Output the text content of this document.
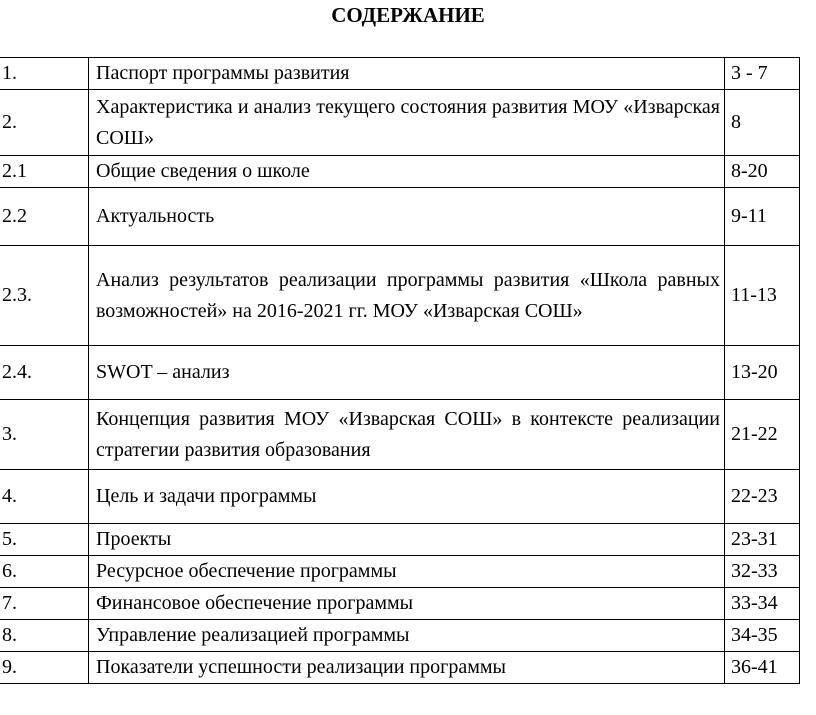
СОДЕРЖАНИЕ
1.	Паспорт программы развития	3 - 7
2.	Характеристика и анализ текущего состояния развития МОУ «Изварская СОШ»	8
2.1	Общие сведения о школе	8-20
2.2	Актуальность	9-11
2.3.	Анализ результатов реализации программы развития «Школа равных возможностей» на 2016-2021 гг. МОУ «Изварская СОШ»	11-13
2.4.	SWOT – анализ	13-20
3.	Концепция развития МОУ «Изварская СОШ» в контексте реализации стратегии развития образования	21-22
4.	Цель и задачи программы	22-23
5.	Проекты	23-31
6.	Ресурсное обеспечение программы	32-33
7.	Финансовое обеспечение программы	33-34
8.	Управление реализацией программы	34-35
9.	Показатели успешности реализации программы	36-41
